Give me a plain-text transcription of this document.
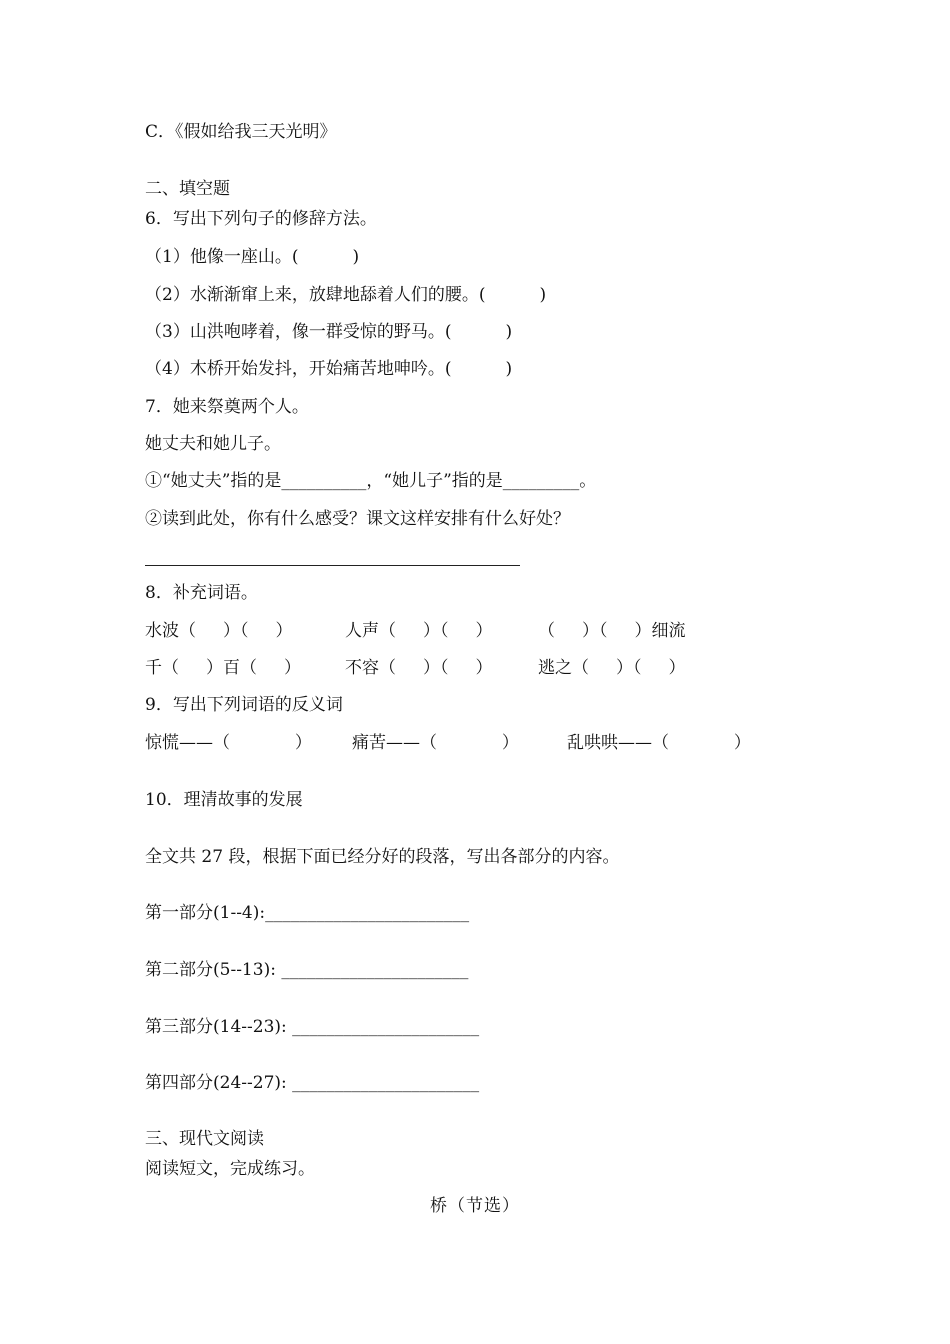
C．《假如给我三天光明》
二、填空题
6．写出下列句子的修辞方法。
（1）他像一座山。(          )
（2）水渐渐窜上来，放肆地舔着人们的腰。(          )
（3）山洪咆哮着，像一群受惊的野马。(          )
（4）木桥开始发抖，开始痛苦地呻吟。(          )
7．她来祭奠两个人。
她丈夫和她儿子。
①“她丈夫”指的是__________，“她儿子”指的是_________。
②读到此处，你有什么感受？课文这样安排有什么好处？
8．补充词语。
水波（     ）（     ）	人声（     ）（     ）	（     ）（     ）细流
千（     ）百（     ）	不容（     ）（     ）	逃之（     ）（     ）
9．写出下列词语的反义词
惊慌——（            ） 痛苦——（            ）	乱哄哄——（            ）
10．理清故事的发展
全文共 27 段，根据下面已经分好的段落，写出各部分的内容。
第一部分(1--4):________________________
第二部分(5--13): ______________________
第三部分(14--23): ______________________
第四部分(24--27): ______________________
三、现代文阅读
阅读短文，完成练习。
桥（节选）
